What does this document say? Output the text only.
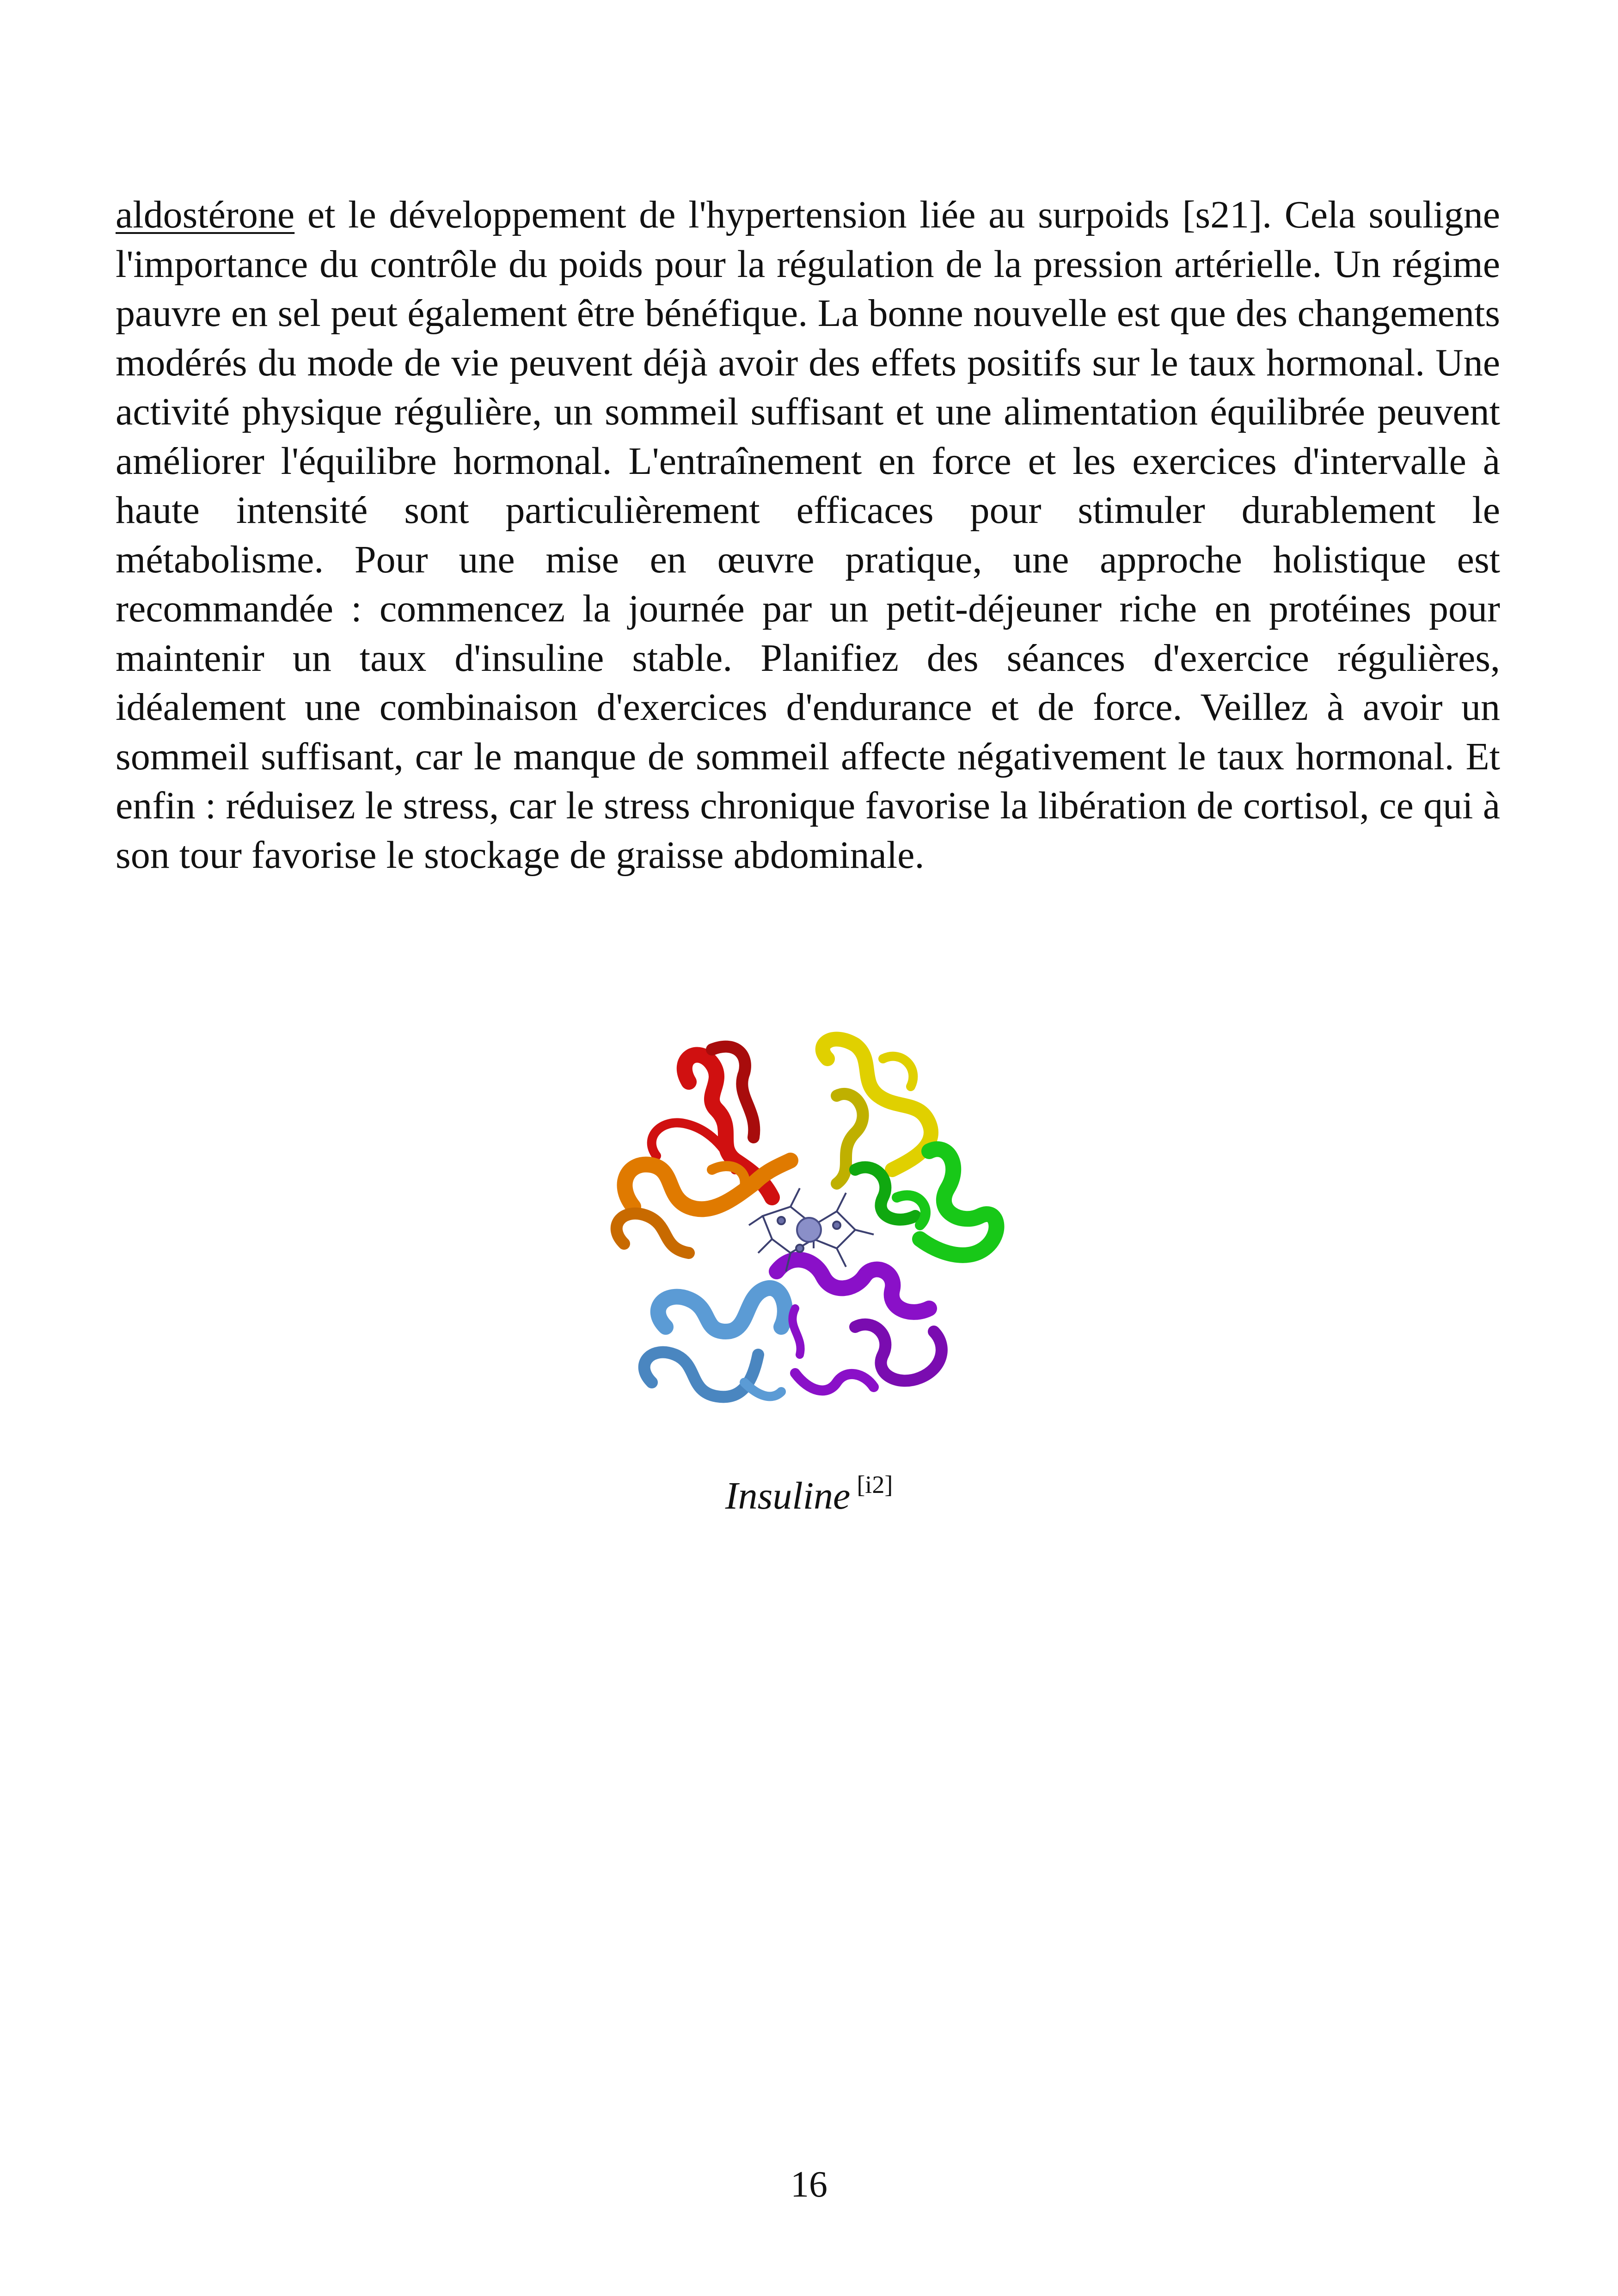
aldostérone et le développement de l'hypertension liée au surpoids [s21]. Cela souligne l'importance du contrôle du poids pour la régulation de la pression artérielle. Un régime pauvre en sel peut également être bénéfique. La bonne nouvelle est que des changements modérés du mode de vie peuvent déjà avoir des effets positifs sur le taux hormonal. Une activité physique régulière, un sommeil suffisant et une alimentation équilibrée peuvent améliorer l'équilibre hormonal. L'entraînement en force et les exercices d'intervalle à haute intensité sont particulièrement efficaces pour stimuler durablement le métabolisme. Pour une mise en œuvre pratique, une approche holistique est recommandée : commencez la journée par un petit-déjeuner riche en protéines pour maintenir un taux d'insuline stable. Planifiez des séances d'exercice régulières, idéalement une combinaison d'exercices d'endurance et de force. Veillez à avoir un sommeil suffisant, car le manque de sommeil affecte négativement le taux hormonal. Et enfin : réduisez le stress, car le stress chronique favorise la libération de cortisol, ce qui à son tour favorise le stockage de graisse abdominale.

Insuline [i2]

16
